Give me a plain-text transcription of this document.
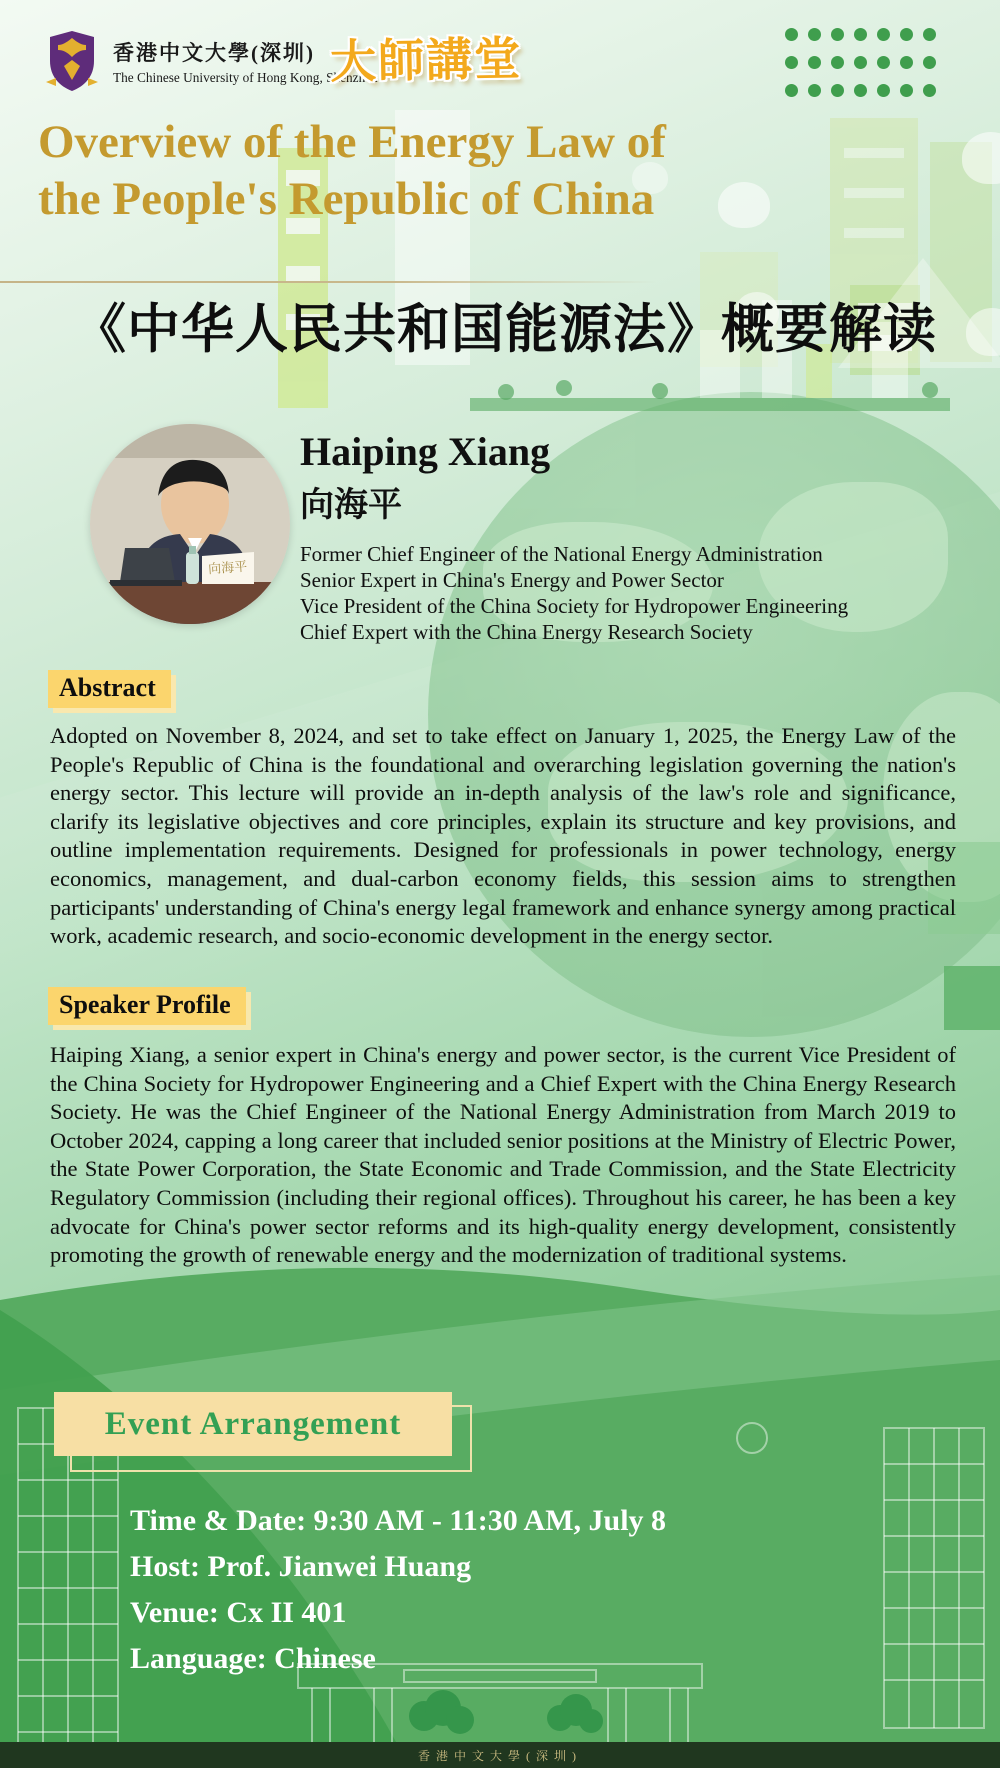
香港中文大學(深圳)
The Chinese University of Hong Kong, Shenzhen
大師講堂
Overview of the Energy Law of
the People's Republic of China
《中华人民共和国能源法》概要解读
向海平
Haiping Xiang
向海平
Former Chief Engineer of the National Energy Administration
Senior Expert in China's Energy and Power Sector
Vice President of the China Society for Hydropower Engineering
Chief Expert with the China Energy Research Society
Abstract
Adopted on November 8, 2024, and set to take effect on January 1, 2025, the Energy Law of the People's Republic of China is the foundational and overarching legislation governing the nation's energy sector. This lecture will provide an in-depth analysis of the law's role and significance, clarify its legislative objectives and core principles, explain its structure and key provisions, and outline implementation requirements. Designed for professionals in power technology, energy economics, management, and dual-carbon economy fields, this session aims to strengthen participants' understanding of China's energy legal framework and enhance synergy among practical work, academic research, and socio-economic development in the energy sector.
Speaker Profile
Haiping Xiang, a senior expert in China's energy and power sector, is the current Vice President of the China Society for Hydropower Engineering and a Chief Expert with the China Energy Research Society. He was the Chief Engineer of the National Energy Administration from March 2019 to October 2024, capping a long career that included senior positions at the Ministry of Electric Power, the State Power Corporation, the State Economic and Trade Commission, and the State Electricity Regulatory Commission (including their regional offices). Throughout his career, he has been a key advocate for China's power sector reforms and its high-quality energy development, consistently promoting the growth of renewable energy and the modernization of traditional systems.
Event Arrangement
Time & Date: 9:30 AM - 11:30 AM, July 8
Host: Prof. Jianwei Huang
Venue: Cx II 401
Language: Chinese
香港中文大學(深圳)
